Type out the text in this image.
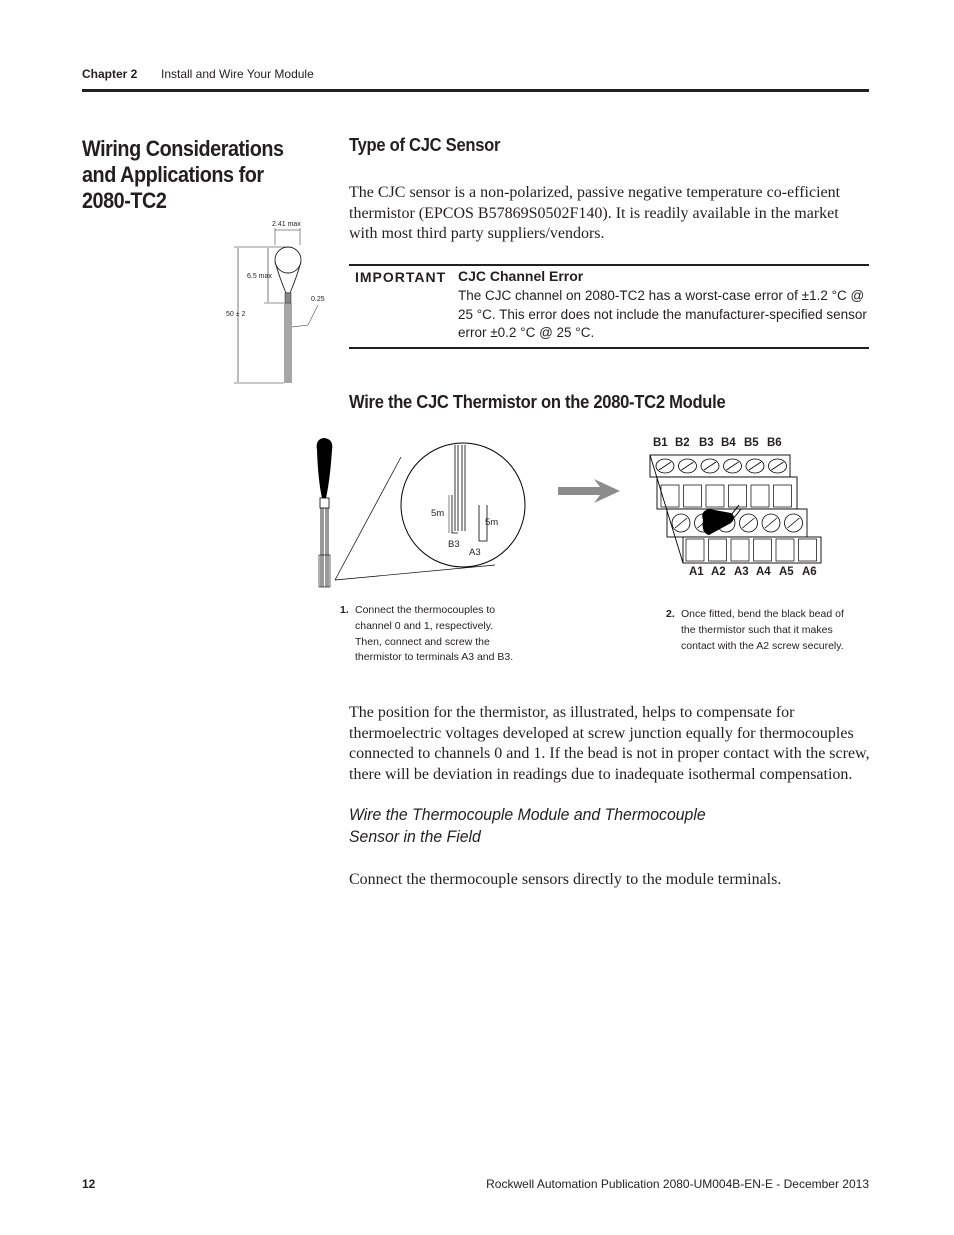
Chapter 2 Install and Wire Your Module
Wiring Considerations and Applications for 2080-TC2
Type of CJC Sensor
The CJC sensor is a non-polarized, passive negative temperature co-efficient thermistor (EPCOS B57869S0502F140). It is readily available in the market with most third party suppliers/vendors.
2.41 max
6.5 max
50 ± 2
0.25
IMPORTANT CJC Channel Error
The CJC channel on 2080-TC2 has a worst-case error of ±1.2 °C @ 25 °C. This error does not include the manufacturer-specified sensor error ±0.2 °C @ 25 °C.
Wire the CJC Thermistor on the 2080-TC2 Module
5m
5m
B3
A3
B1 B2 B3 B4 B5 B6
A1 A2 A3 A4 A5 A6
1. Connect the thermocouples to channel 0 and 1, respectively. Then, connect and screw the thermistor to terminals A3 and B3.
2. Once fitted, bend the black bead of the thermistor such that it makes contact with the A2 screw securely.
The position for the thermistor, as illustrated, helps to compensate for thermoelectric voltages developed at screw junction equally for thermocouples connected to channels 0 and 1. If the bead is not in proper contact with the screw, there will be deviation in readings due to inadequate isothermal compensation.
Wire the Thermocouple Module and Thermocouple Sensor in the Field
Connect the thermocouple sensors directly to the module terminals.
12	Rockwell Automation Publication 2080-UM004B-EN-E - December 2013
